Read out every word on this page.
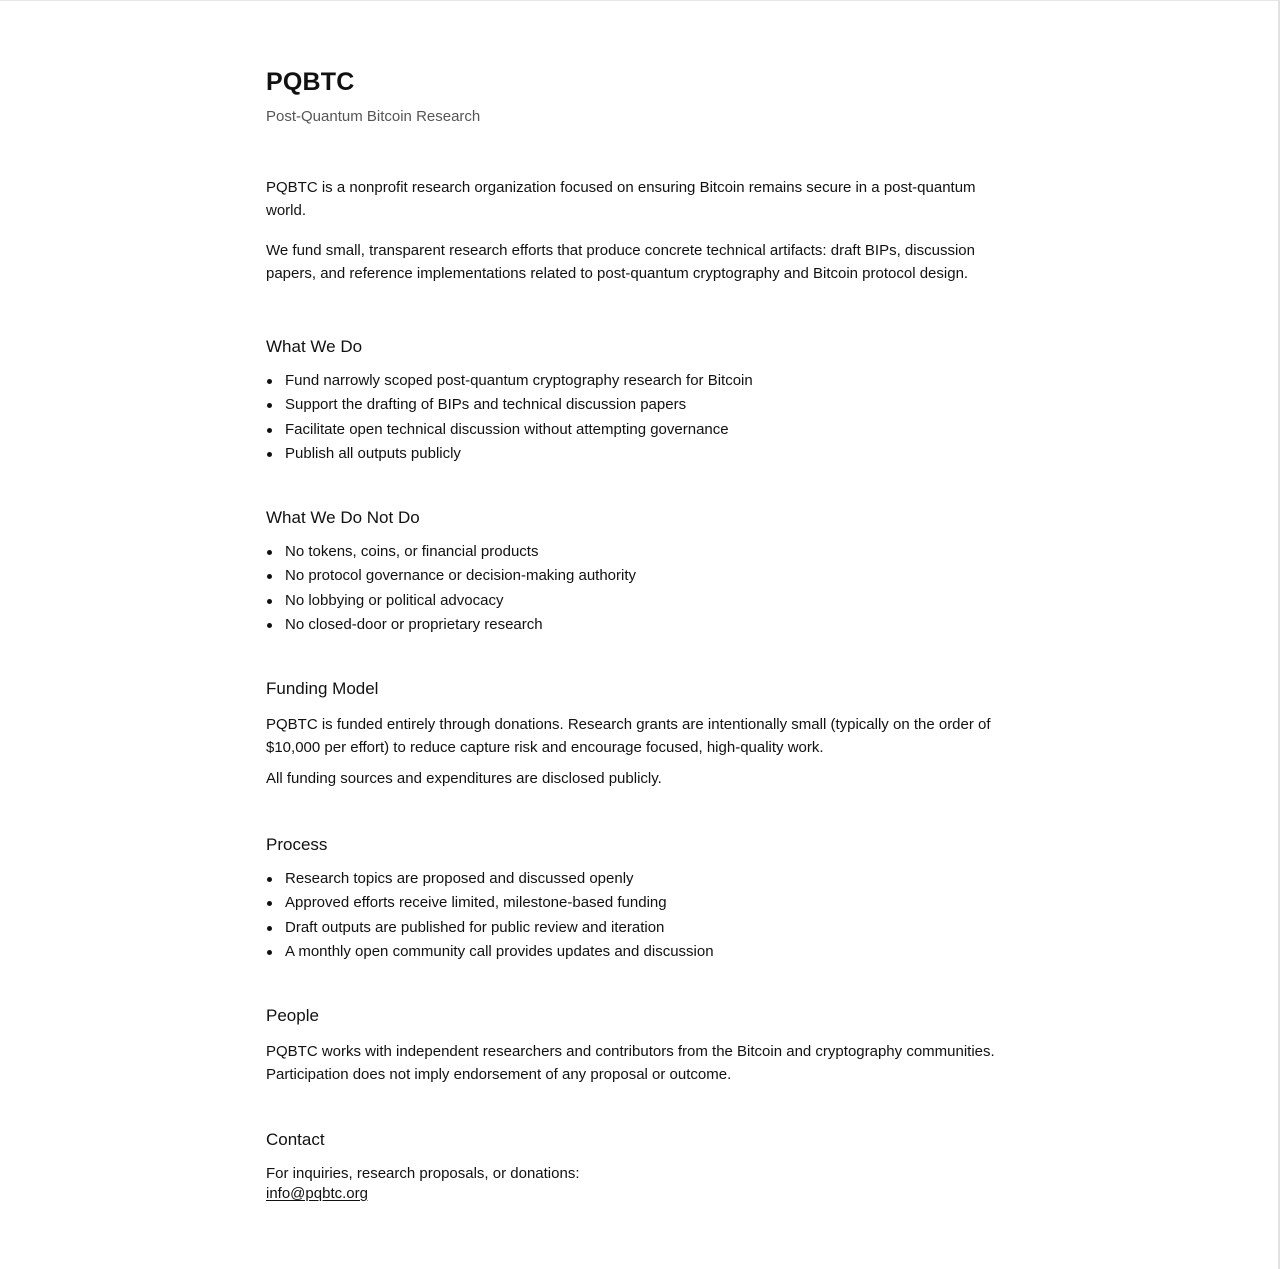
PQBTC
Post-Quantum Bitcoin Research

PQBTC is a nonprofit research organization focused on ensuring Bitcoin remains secure in a post-quantum world.

We fund small, transparent research efforts that produce concrete technical artifacts: draft BIPs, discussion papers, and reference implementations related to post-quantum cryptography and Bitcoin protocol design.

What We Do
Fund narrowly scoped post-quantum cryptography research for Bitcoin
Support the drafting of BIPs and technical discussion papers
Facilitate open technical discussion without attempting governance
Publish all outputs publicly
What We Do Not Do
No tokens, coins, or financial products
No protocol governance or decision-making authority
No lobbying or political advocacy
No closed-door or proprietary research
Funding Model

PQBTC is funded entirely through donations. Research grants are intentionally small (typically on the order of $10,000 per effort) to reduce capture risk and encourage focused, high-quality work.

All funding sources and expenditures are disclosed publicly.

Process
Research topics are proposed and discussed openly
Approved efforts receive limited, milestone-based funding
Draft outputs are published for public review and iteration
A monthly open community call provides updates and discussion
People

PQBTC works with independent researchers and contributors from the Bitcoin and cryptography communities. Participation does not imply endorsement of any proposal or outcome.

Contact

For inquiries, research proposals, or donations:

info@pqbtc.org
